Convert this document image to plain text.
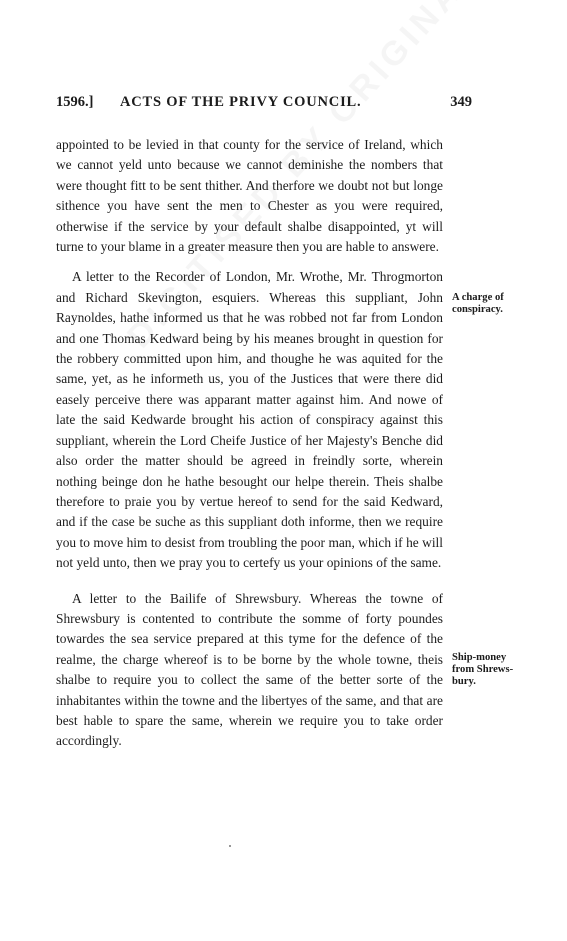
1596.] ACTS OF THE PRIVY COUNCIL.	349

appointed to be levied in that county for the service of Ireland, which we cannot yeld unto because we cannot deminishe the nombers that were thought fitt to be sent thither. And therfore we doubt not but longe sithence you have sent the men to Chester as you were required, otherwise if the service by your default shalbe disappointed, yt will turne to your blame in a greater measure then you are hable to answere.

A letter to the Recorder of London, Mr. Wrothe, Mr. Throgmorton and Richard Skevington, esquiers. Whereas this suppliant, John Raynoldes, hathe informed us that he was robbed not far from London and one Thomas Kedward being by his meanes brought in question for the robbery committed upon him, and thoughe he was aquited for the same, yet, as he informeth us, you of the Justices that were there did easely perceive there was apparant matter against him. And nowe of late the said Kedwarde brought his action of conspiracy against this suppliant, wherein the Lord Cheife Justice of her Majesty's Benche did also order the matter should be agreed in freindly sorte, wherein nothing beinge don he hathe besought our helpe therein. Theis shalbe therefore to praie you by vertue hereof to send for the said Kedward, and if the case be suche as this suppliant doth informe, then we require you to move him to desist from troubling the poor man, which if he will not yeld unto, then we pray you to certefy us your opinions of the same.

A letter to the Bailife of Shrewsbury. Whereas the towne of Shrewsbury is contented to contribute the somme of forty poundes towardes the sea service prepared at this tyme for the defence of the realme, the charge whereof is to be borne by the whole towne, theis shalbe to require you to collect the same of the better sorte of the inhabitantes within the towne and the libertyes of the same, and that are best hable to spare the same, wherein we require you to take order accordingly.

A charge of conspiracy.
Ship-money from Shrews-bury.
